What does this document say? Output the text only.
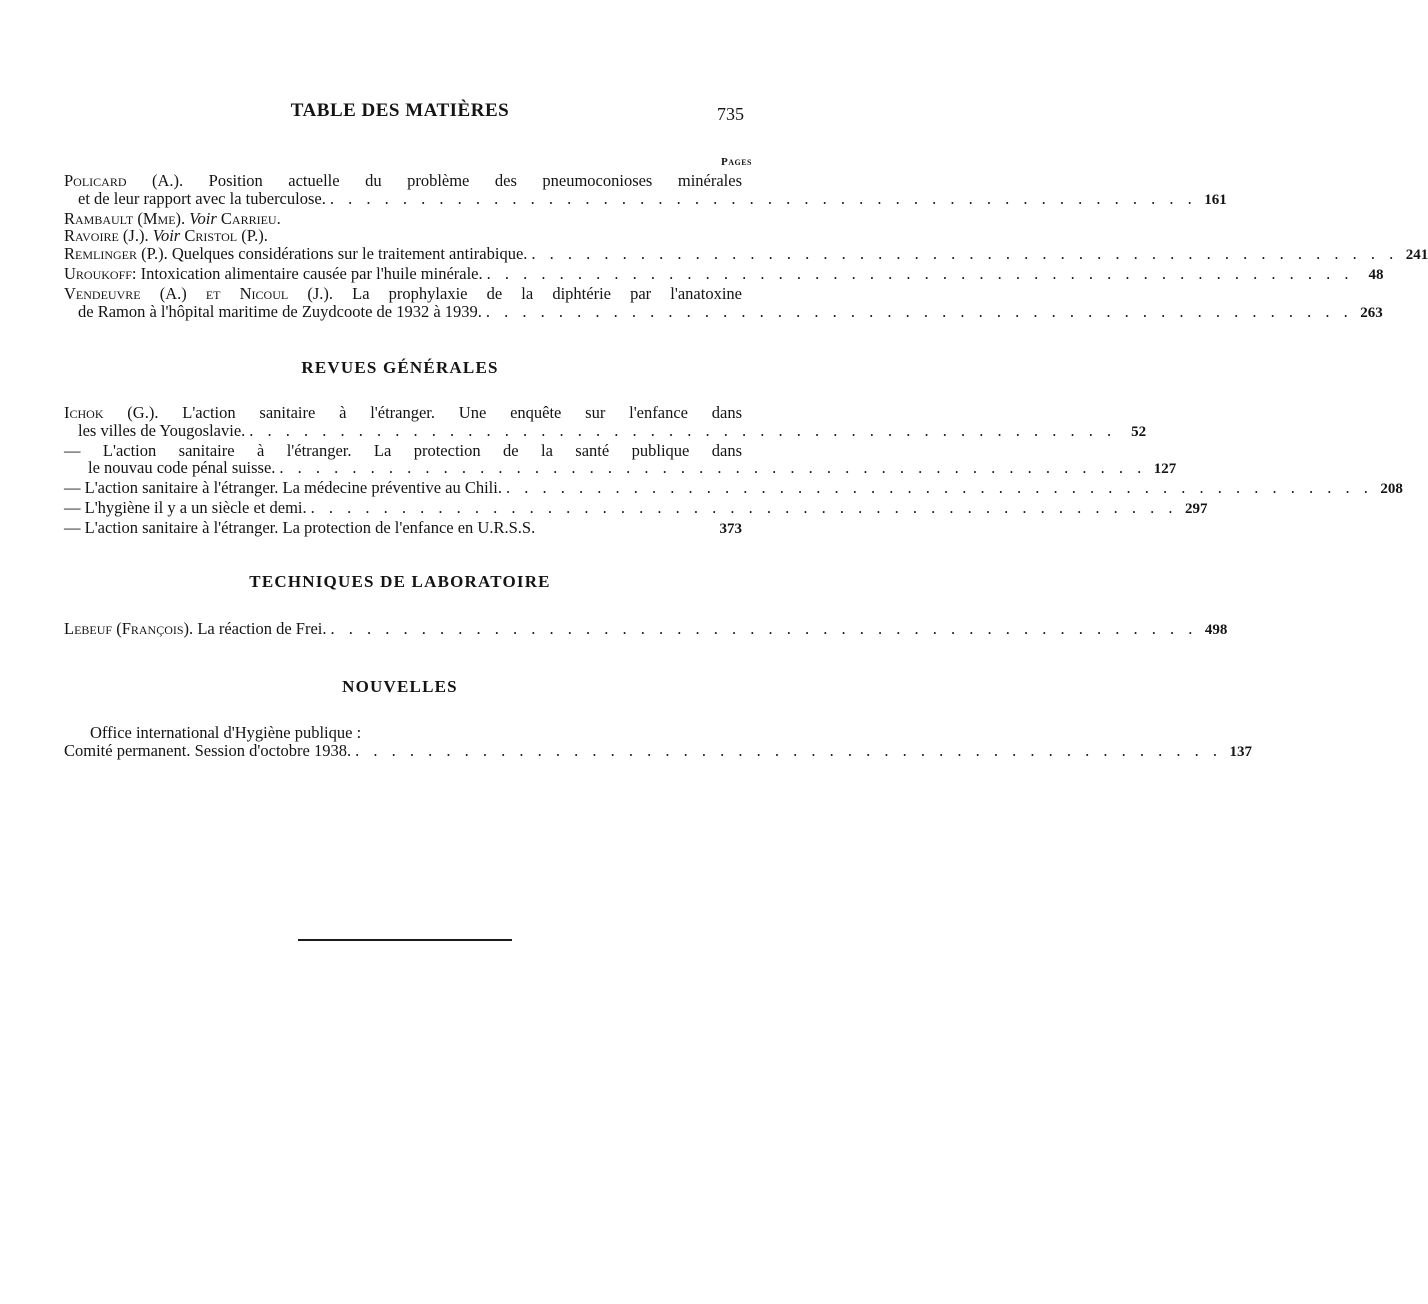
TABLE DES MATIÈRES	735
Pages
Policard (A.). Position actuelle du problème des pneumoconioses minérales
et de leur rapport avec la tuberculose. . . . . . . . . . . . . . . . . . . . . . . . . . . . . . . . . . . . . . . . . . . . . . . . . 161
Rambault (Mme). Voir Carrieu.
Ravoire (J.). Voir Cristol (P.).
Remlinger (P.). Quelques considérations sur le traitement antirabique. . . . . . . . . . . . . . . . . . . . . . . . . . . . . . . . . . . . . . . . . . . . . . . . . 241
Uroukoff: Intoxication alimentaire causée par l'huile minérale. . . . . . . . . . . . . . . . . . . . . . . . . . . . . . . . . . . . . . . . . . . . . . . . .	48
Vendeuvre (A.) et Nicoul (J.). La prophylaxie de la diphtérie par l'anatoxine
de Ramon à l'hôpital maritime de Zuydcoote de 1932 à 1939. . . . . . . . . . . . . . . . . . . . . . . . . . . . . . . . . . . . . . . . . . . . . . . . . 263
REVUES GÉNÉRALES
Ichok (G.). L'action sanitaire à l'étranger. Une enquête sur l'enfance dans
les villes de Yougoslavie. . . . . . . . . . . . . . . . . . . . . . . . . . . . . . . . . . . . . . . . . . . . . . . . .	52
— L'action sanitaire à l'étranger. La protection de la santé publique dans
le nouvau code pénal suisse. . . . . . . . . . . . . . . . . . . . . . . . . . . . . . . . . . . . . . . . . . . . . . . . . 127
— L'action sanitaire à l'étranger. La médecine préventive au Chili. . . . . . . . . . . . . . . . . . . . . . . . . . . . . . . . . . . . . . . . . . . . . . . . . 208
— L'hygiène il y a un siècle et demi. . . . . . . . . . . . . . . . . . . . . . . . . . . . . . . . . . . . . . . . . . . . . . . . . 297
— L'action sanitaire à l'étranger. La protection de l'enfance en U.R.S.S.	373
TECHNIQUES DE LABORATOIRE
Lebeuf (François). La réaction de Frei. . . . . . . . . . . . . . . . . . . . . . . . . . . . . . . . . . . . . . . . . . . . . . . . . 498
NOUVELLES
Office international d'Hygiène publique :
Comité permanent. Session d'octobre 1938. . . . . . . . . . . . . . . . . . . . . . . . . . . . . . . . . . . . . . . . . . . . . . . . . 137
